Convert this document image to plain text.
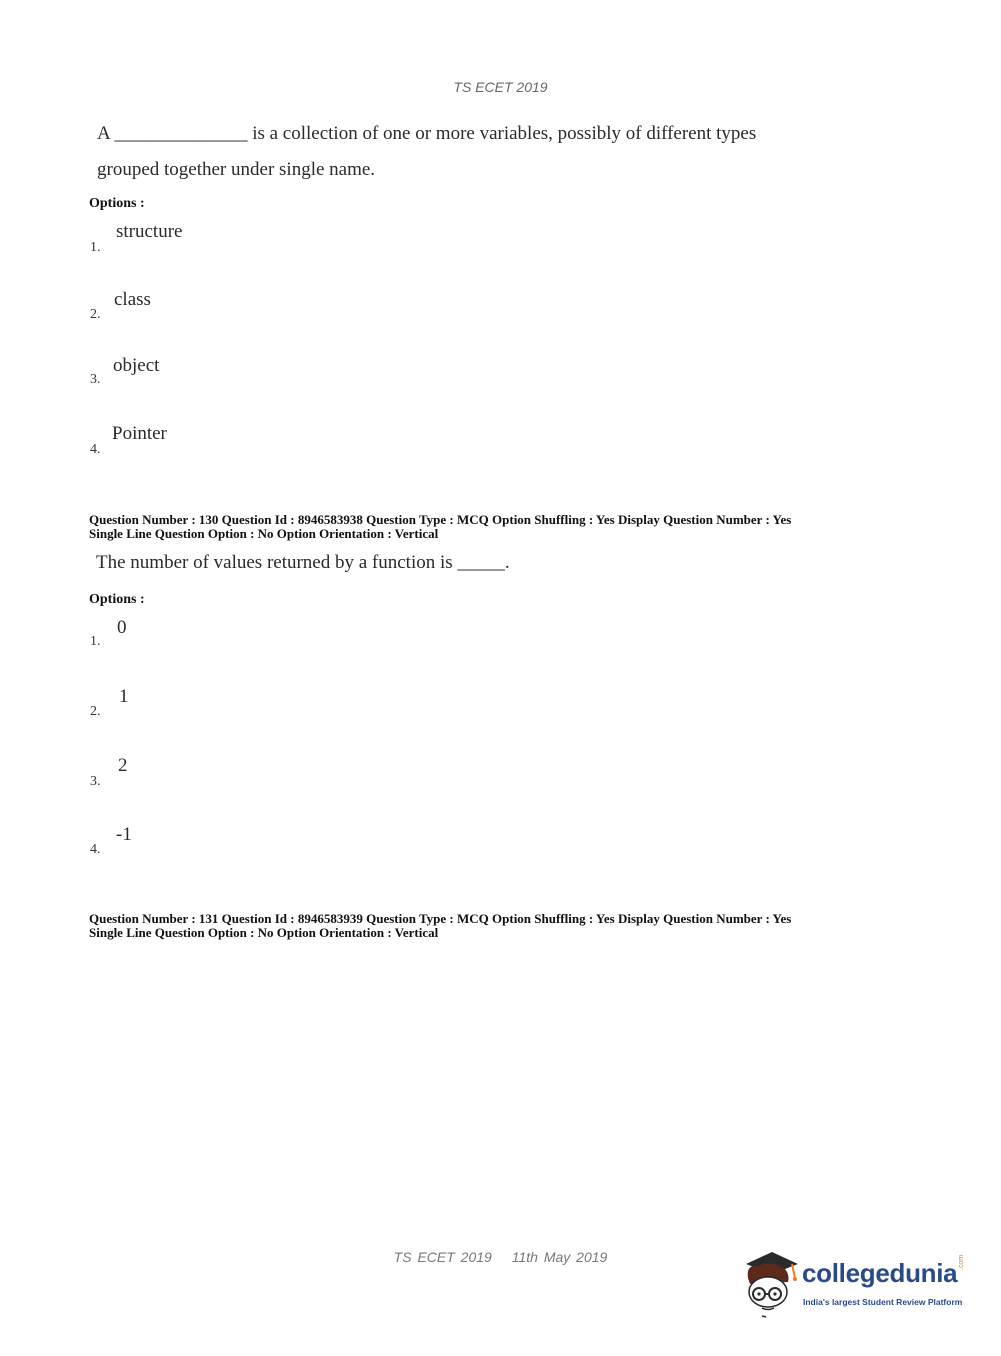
TS ECET 2019
A ______________ is a collection of one or more variables, possibly of different types
grouped together under single name.
Options :
structure
1.
class
2.
object
3.
Pointer
4.
Question Number : 130 Question Id : 8946583938 Question Type : MCQ Option Shuffling : Yes Display Question Number : Yes
Single Line Question Option : No Option Orientation : Vertical
The number of values returned by a function is _____.
Options :
0
1.
1
2.
2
3.
-1
4.
Question Number : 131 Question Id : 8946583939 Question Type : MCQ Option Shuffling : Yes Display Question Number : Yes
Single Line Question Option : No Option Orientation : Vertical
TS ECET 2019 11th May 2019
collegedunia .com
India's largest Student Review Platform
